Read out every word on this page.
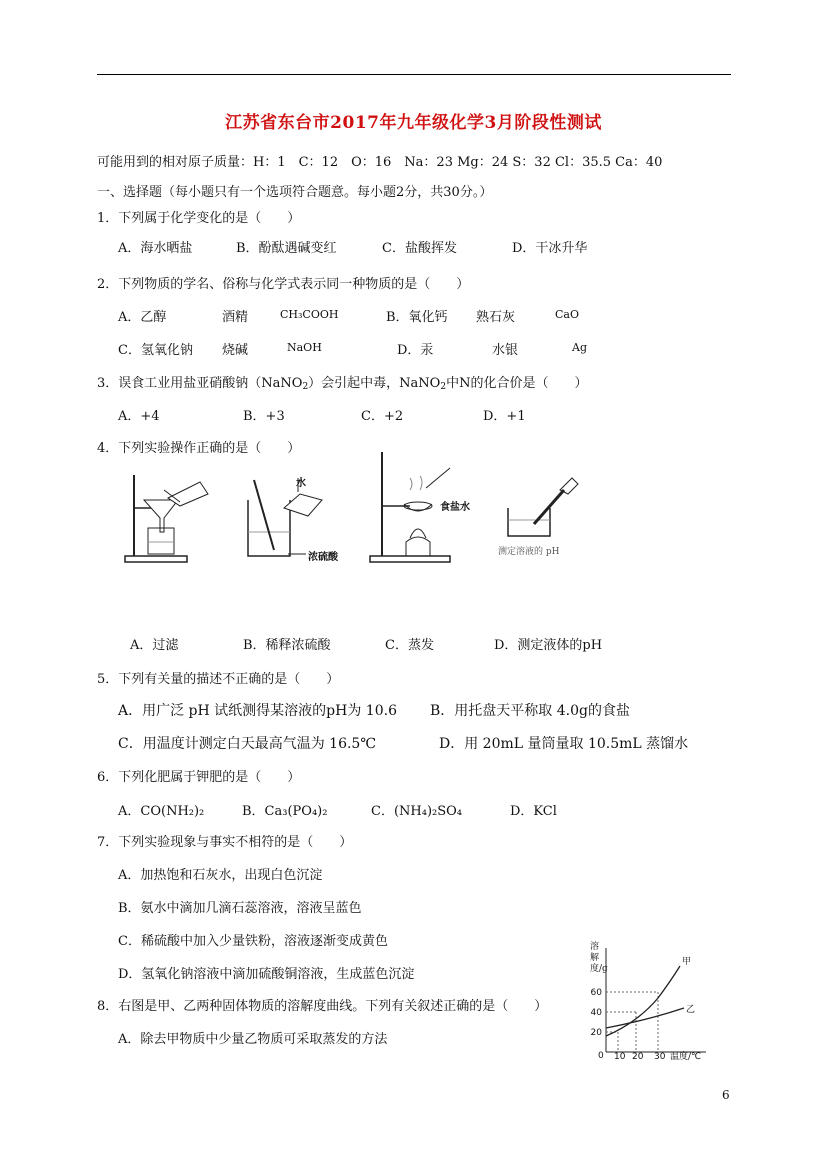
江苏省东台市2017年九年级化学3月阶段性测试
可能用到的相对原子质量：H：1　C：12　O：16　Na：23 Mg：24 S：32 Cl：35.5 Ca：40
一、选择题（每小题只有一个选项符合题意。每小题2分，共30分。）
1．下列属于化学变化的是（　　）
A．海水晒盐	B．酚酞遇碱变红	C．盐酸挥发	D．干冰升华
2．下列物质的学名、俗称与化学式表示同一种物质的是（　　）
A．乙醇	酒精	CH₃COOH	B．氧化钙 熟石灰	CaO
C．氢氧化钠 烧碱	NaOH	D．汞	水银	Ag
3．误食工业用盐亚硝酸钠（NaNO$_2$）会引起中毒，NaNO$_2$中N的化合价是（　　）
A．+4	B．+3	C．+2	D．+1
4．下列实验操作正确的是（　　）
水
浓硫酸
食盐水
测定溶液的 pH
A．过滤	B．稀释浓硫酸	C．蒸发	D．测定液体的pH
5．下列有关量的描述不正确的是（　　）
A．用广泛 pH 试纸测得某溶液的pH为 10.6 B．用托盘天平称取 4.0g的食盐
C．用温度计测定白天最高气温为 16.5℃	D．用 20mL 量筒量取 10.5mL 蒸馏水
6．下列化肥属于钾肥的是（　　）
A．CO(NH₂)₂	B．Ca₃(PO₄)₂	C．(NH₄)₂SO₄	D．KCl
7．下列实验现象与事实不相符的是（　　）
A．加热饱和石灰水，出现白色沉淀
B．氨水中滴加几滴石蕊溶液，溶液呈蓝色
C．稀硫酸中加入少量铁粉，溶液逐渐变成黄色
D．氢氧化钠溶液中滴加硫酸铜溶液，生成蓝色沉淀
8．右图是甲、乙两种固体物质的溶解度曲线。下列有关叙述正确的是（　　）
A．除去甲物质中少量乙物质可采取蒸发的方法
60
40
20
0 10 20 30 温度/℃
甲
乙
溶解度/g
6
